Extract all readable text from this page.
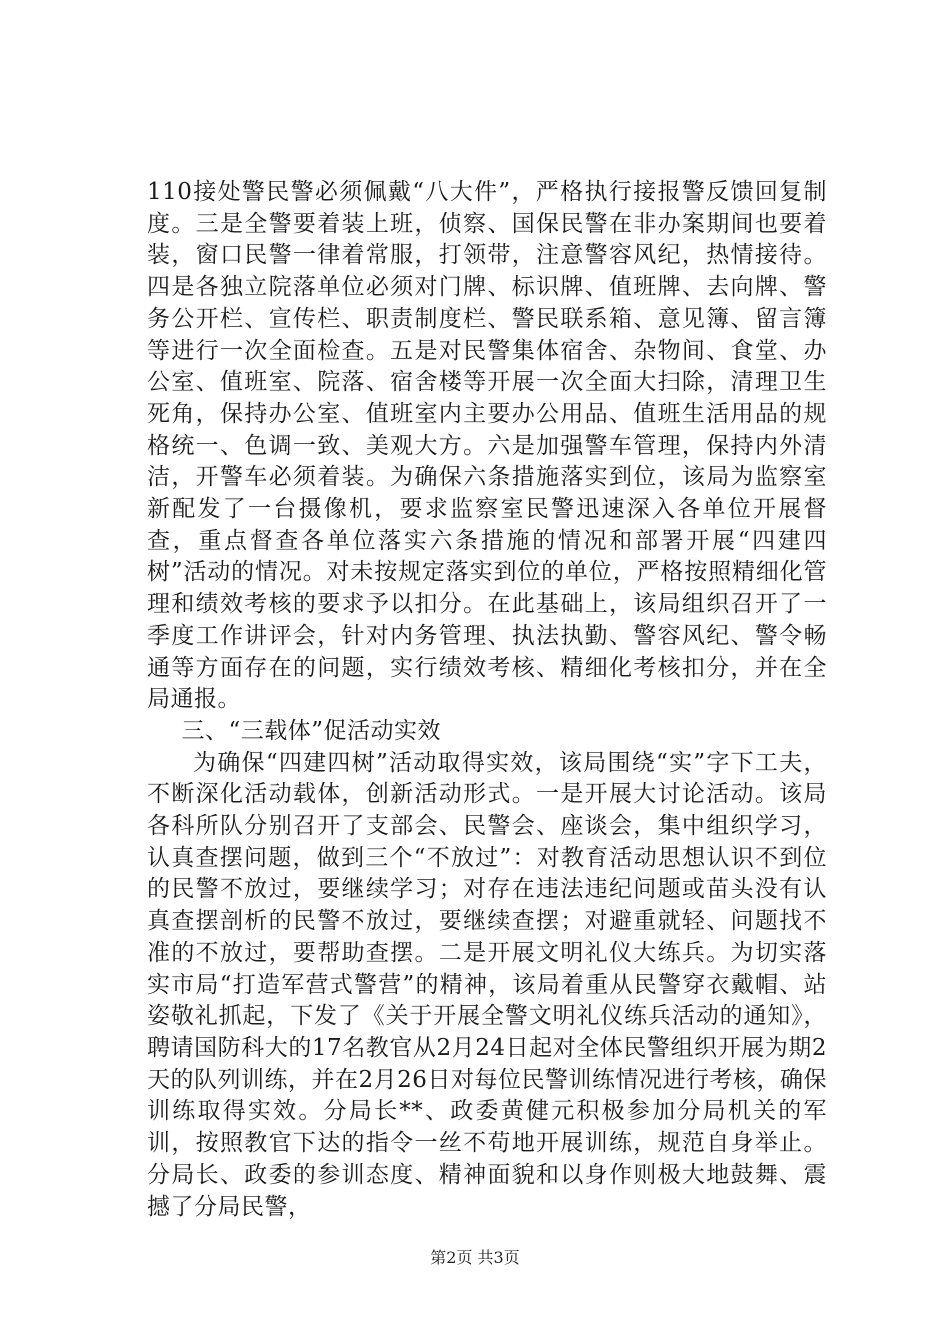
110接处警民警必须佩戴“八大件”，严格执行接报警反馈回复制度。三是全警要着装上班，侦察、国保民警在非办案期间也要着装，窗口民警一律着常服，打领带，注意警容风纪，热情接待。四是各独立院落单位必须对门牌、标识牌、值班牌、去向牌、警务公开栏、宣传栏、职责制度栏、警民联系箱、意见簿、留言簿等进行一次全面检查。五是对民警集体宿舍、杂物间、食堂、办公室、值班室、院落、宿舍楼等开展一次全面大扫除，清理卫生死角，保持办公室、值班室内主要办公用品、值班生活用品的规格统一、色调一致、美观大方。六是加强警车管理，保持内外清洁，开警车必须着装。为确保六条措施落实到位，该局为监察室新配发了一台摄像机，要求监察室民警迅速深入各单位开展督查，重点督查各单位落实六条措施的情况和部署开展“四建四树”活动的情况。对未按规定落实到位的单位，严格按照精细化管理和绩效考核的要求予以扣分。在此基础上，该局组织召开了一季度工作讲评会，针对内务管理、执法执勤、警容风纪、警令畅通等方面存在的问题，实行绩效考核、精细化考核扣分，并在全局通报。

三、“三载体”促活动实效

为确保“四建四树”活动取得实效，该局围绕“实”字下工夫，不断深化活动载体，创新活动形式。一是开展大讨论活动。该局各科所队分别召开了支部会、民警会、座谈会，集中组织学习，认真查摆问题，做到三个“不放过”：对教育活动思想认识不到位的民警不放过，要继续学习；对存在违法违纪问题或苗头没有认真查摆剖析的民警不放过，要继续查摆；对避重就轻、问题找不准的不放过，要帮助查摆。二是开展文明礼仪大练兵。为切实落实市局“打造军营式警营”的精神，该局着重从民警穿衣戴帽、站姿敬礼抓起，下发了《关于开展全警文明礼仪练兵活动的通知》，聘请国防科大的17名教官从2月24日起对全体民警组织开展为期2天的队列训练，并在2月26日对每位民警训练情况进行考核，确保训练取得实效。分局长**、政委黄健元积极参加分局机关的军训，按照教官下达的指令一丝不苟地开展训练，规范自身举止。分局长、政委的参训态度、精神面貌和以身作则极大地鼓舞、震撼了分局民警，

第2页 共3页
